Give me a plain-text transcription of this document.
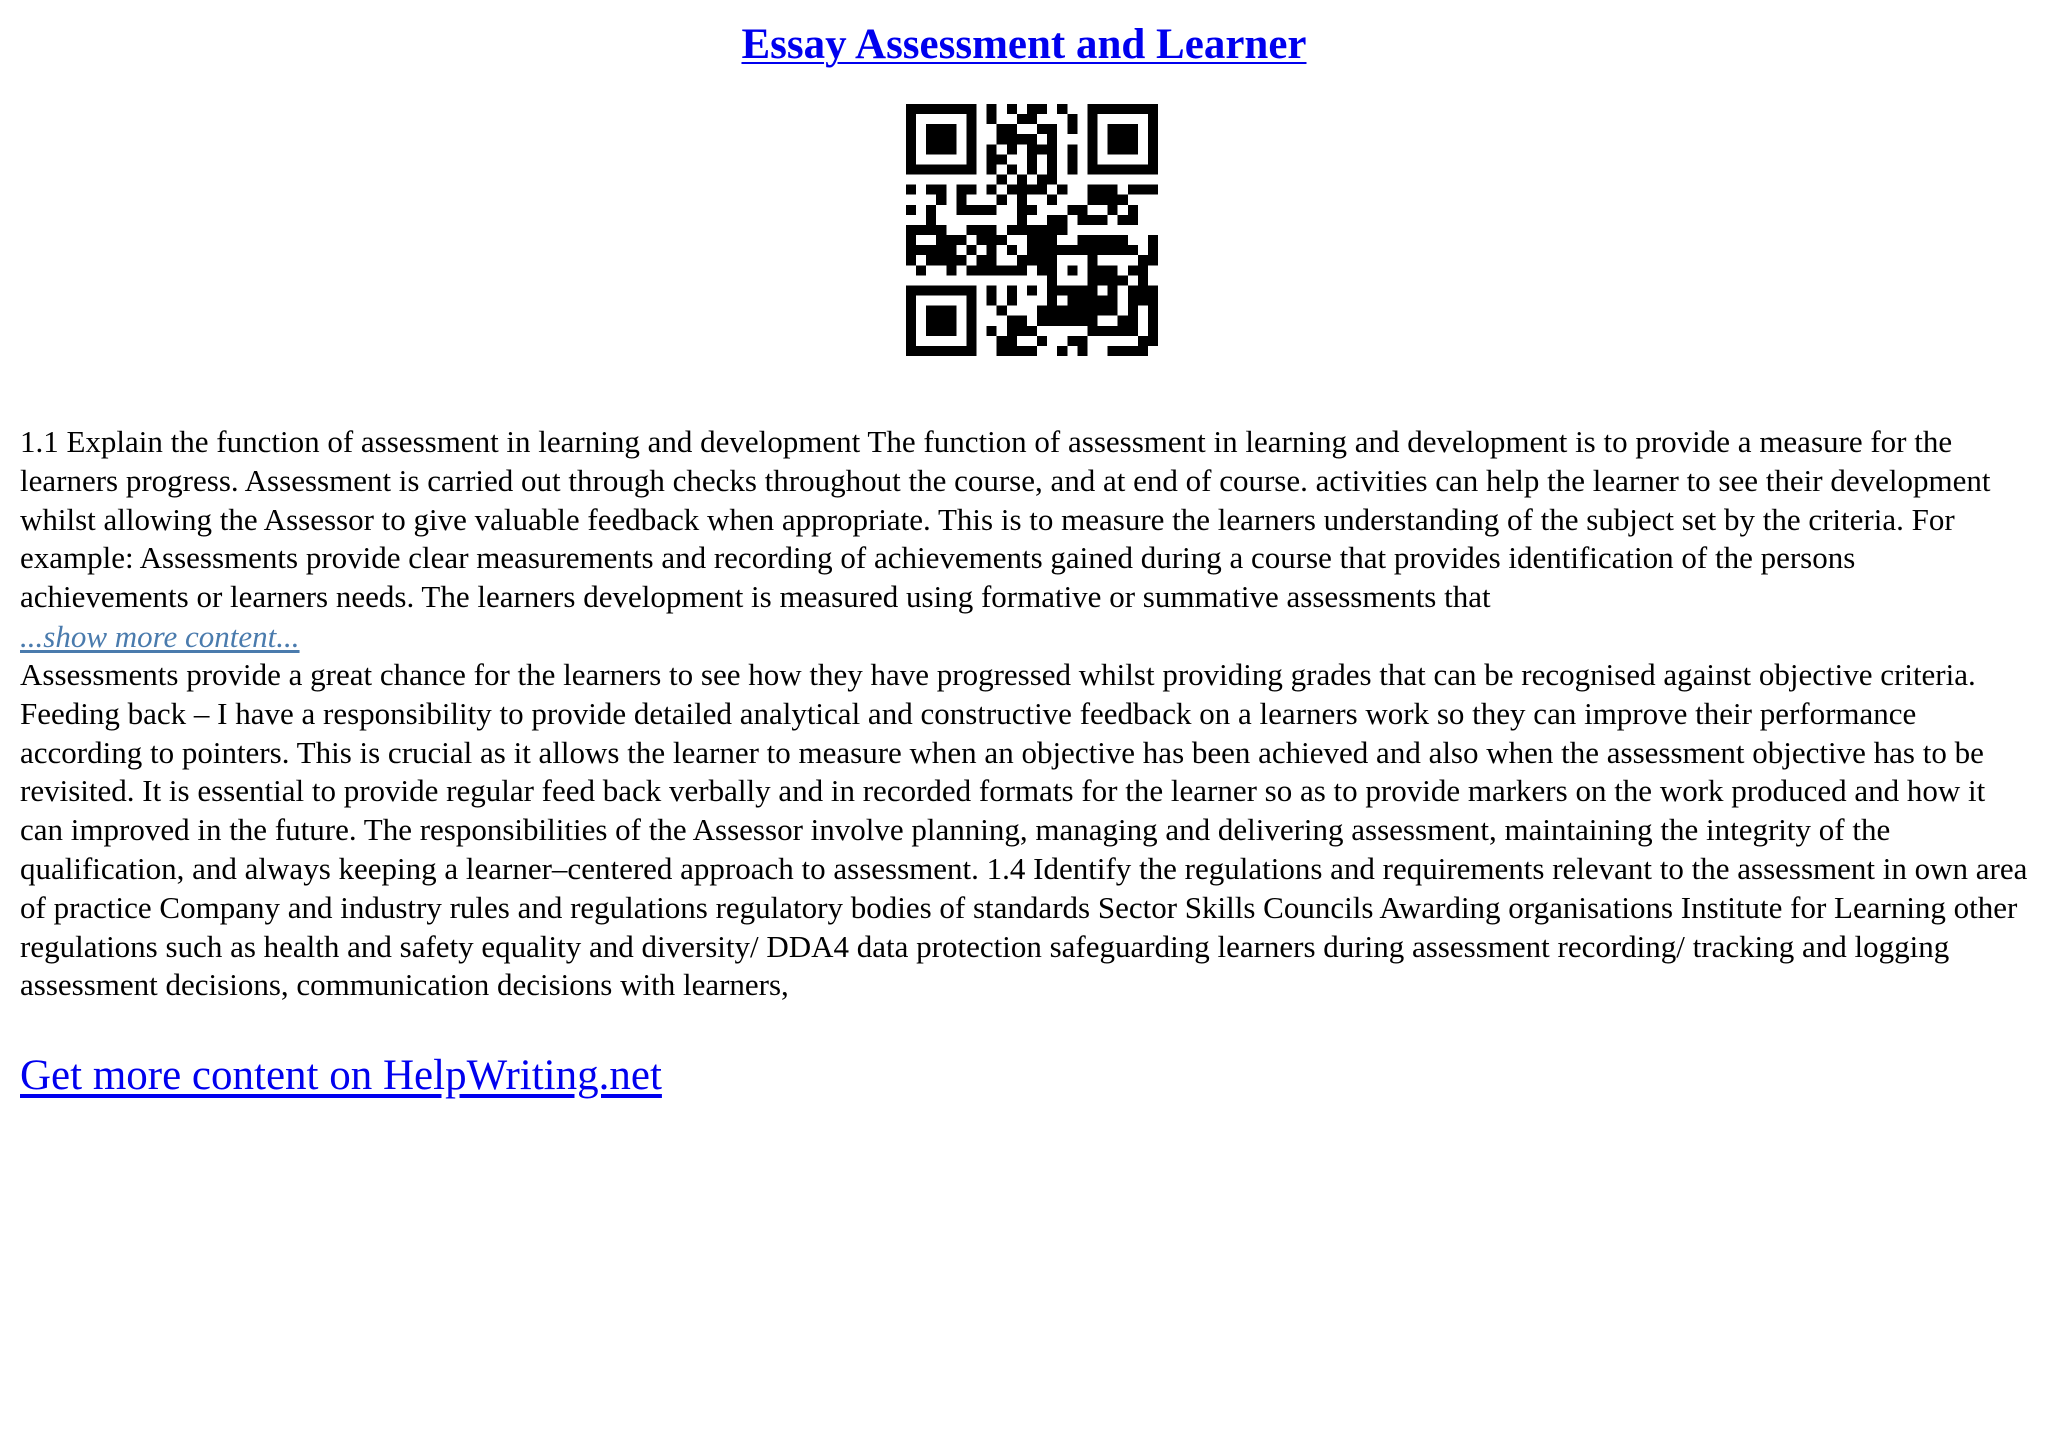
Essay Assessment and Learner

1.1 Explain the function of assessment in learning and development The function of assessment in learning and development is to provide a measure for the learners progress. Assessment is carried out through checks throughout the course, and at end of course. activities can help the learner to see their development whilst allowing the Assessor to give valuable feedback when appropriate. This is to measure the learners understanding of the subject set by the criteria. For example: Assessments provide clear measurements and recording of achievements gained during a course that provides identification of the persons achievements or learners needs. The learners development is measured using formative or summative assessments that

...show more content...

Assessments provide a great chance for the learners to see how they have progressed whilst providing grades that can be recognised against objective criteria. Feeding back – I have a responsibility to provide detailed analytical and constructive feedback on a learners work so they can improve their performance according to pointers. This is crucial as it allows the learner to measure when an objective has been achieved and also when the assessment objective has to be revisited. It is essential to provide regular feed back verbally and in recorded formats for the learner so as to provide markers on the work produced and how it can improved in the future. The responsibilities of the Assessor involve planning, managing and delivering assessment, maintaining the integrity of the qualification, and always keeping a learner–centered approach to assessment. 1.4 Identify the regulations and requirements relevant to the assessment in own area of practice Company and industry rules and regulations regulatory bodies of standards Sector Skills Councils Awarding organisations Institute for Learning other regulations such as health and safety equality and diversity/ DDA4 data protection safeguarding learners during assessment recording/ tracking and logging assessment decisions, communication decisions with learners,

Get more content on HelpWriting.net
